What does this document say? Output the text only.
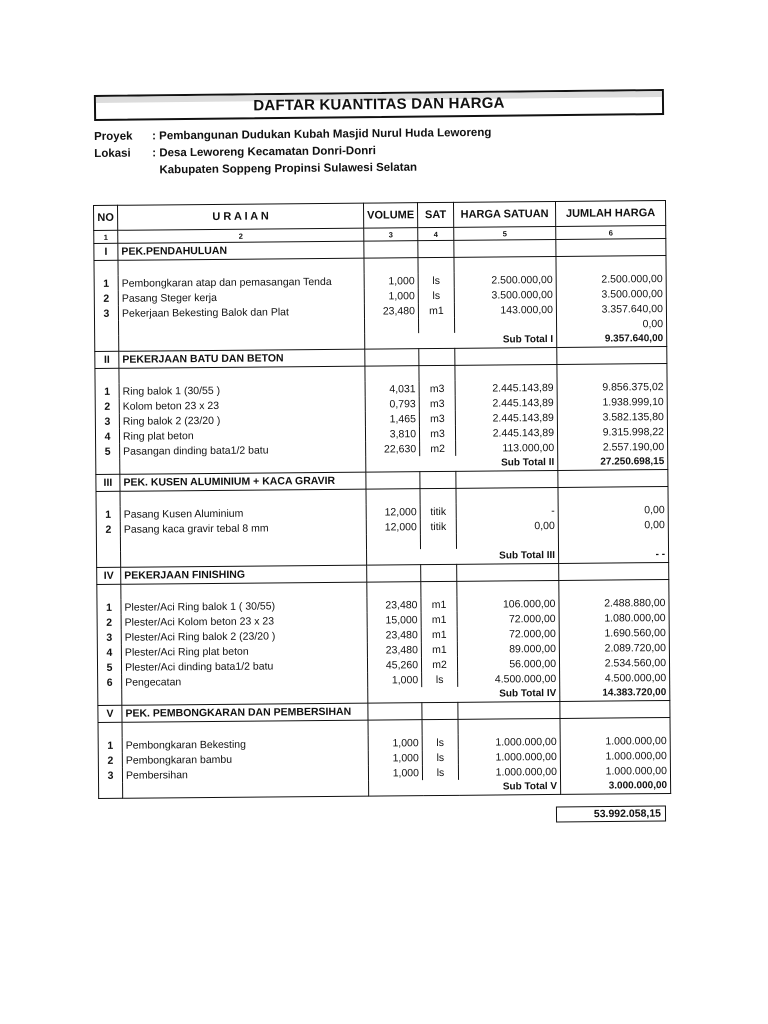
DAFTAR KUANTITAS DAN HARGA
Proyek	: Pembangunan Dudukan Kubah Masjid Nurul Huda Leworeng
Lokasi	: Desa Leworeng Kecamatan Donri-Donri
Kabupaten Soppeng Propinsi Sulawesi Selatan
NO	U R A I A N	VOLUME	SAT	HARGA SATUAN	JUMLAH HARGA
1	2	3	4	5	6
I	PEK.PENDAHULUAN				

1	Pembongkaran atap dan pemasangan Tenda	1,000	ls	2.500.000,00	2.500.000,00
2	Pasang Steger kerja	1,000	ls	3.500.000,00	3.500.000,00
3	Pekerjaan Bekesting Balok dan Plat	23,480	m1	143.000,00	3.357.640,00
					0,00
		Sub Total I			9.357.640,00
II	PEKERJAAN BATU DAN BETON				

1	Ring balok 1 (30/55 )	4,031	m3	2.445.143,89	9.856.375,02
2	Kolom beton 23 x 23	0,793	m3	2.445.143,89	1.938.999,10
3	Ring balok 2 (23/20 )	1,465	m3	2.445.143,89	3.582.135,80
4	Ring plat beton	3,810	m3	2.445.143,89	9.315.998,22
5	Pasangan dinding bata1/2 batu	22,630	m2	113.000,00	2.557.190,00
		Sub Total II			27.250.698,15
III	PEK. KUSEN ALUMINIUM + KACA GRAVIR				

1	Pasang Kusen Aluminium	12,000	titik	-	0,00
2	Pasang kaca gravir tebal 8 mm	12,000	titik	0,00	0,00

		Sub Total III			- -
IV	PEKERJAAN FINISHING				

1	Plester/Aci Ring balok 1 ( 30/55)	23,480	m1	106.000,00	2.488.880,00
2	Plester/Aci Kolom beton 23 x 23	15,000	m1	72.000,00	1.080.000,00
3	Plester/Aci Ring balok 2 (23/20 )	23,480	m1	72.000,00	1.690.560,00
4	Plester/Aci Ring plat beton	23,480	m1	89.000,00	2.089.720,00
5	Plester/Aci dinding bata1/2 batu	45,260	m2	56.000,00	2.534.560,00
6	Pengecatan	1,000	ls	4.500.000,00	4.500.000,00
		Sub Total IV			14.383.720,00
V	PEK. PEMBONGKARAN DAN PEMBERSIHAN				

1	Pembongkaran Bekesting	1,000	ls	1.000.000,00	1.000.000,00
2	Pembongkaran bambu	1,000	ls	1.000.000,00	1.000.000,00
3	Pembersihan	1,000	ls	1.000.000,00	1.000.000,00
		Sub Total V			3.000.000,00
53.992.058,15
